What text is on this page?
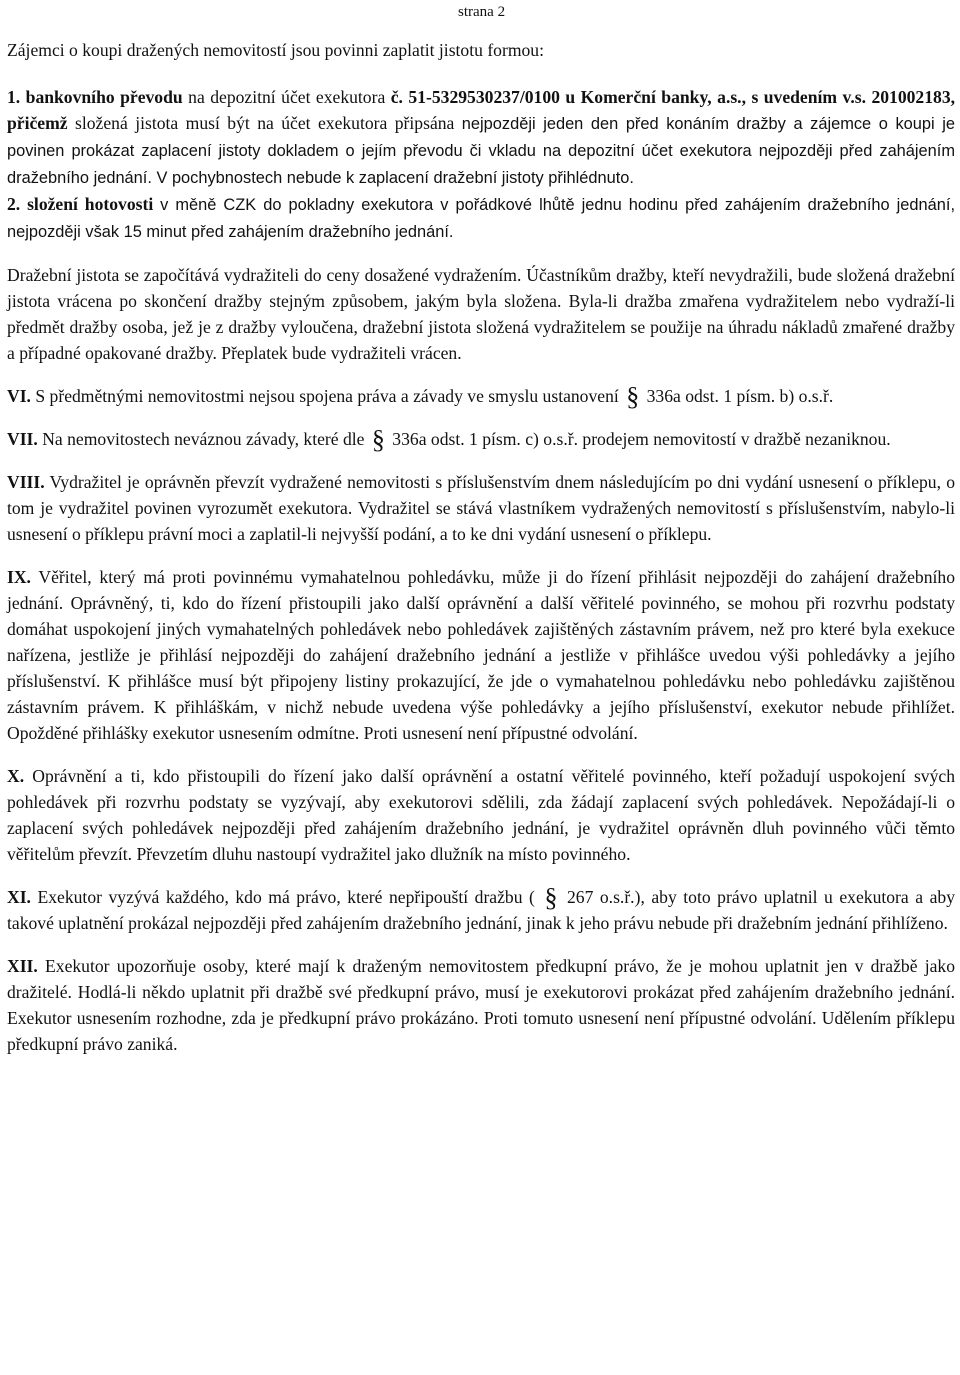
strana 2

Zájemci o koupi dražených nemovitostí jsou povinni zaplatit jistotu formou:

1. bankovního převodu na depozitní účet exekutora č. 51-5329530237/0100 u Komerční banky, a.s., s uvedením v.s. 201002183, přičemž složená jistota musí být na účet exekutora připsána nejpozději jeden den před konáním dražby a zájemce o koupi je povinen prokázat zaplacení jistoty dokladem o jejím převodu či vkladu na depozitní účet exekutora nejpozději před zahájením dražebního jednání. V pochybnostech nebude k zaplacení dražební jistoty přihlédnuto.

2. složení hotovosti v měně CZK do pokladny exekutora v pořádkové lhůtě jednu hodinu před zahájením dražebního jednání, nejpozději však 15 minut před zahájením dražebního jednání.

Dražební jistota se započítává vydražiteli do ceny dosažené vydražením. Účastníkům dražby, kteří nevydražili, bude složená dražební jistota vrácena po skončení dražby stejným způsobem, jakým byla složena. Byla-li dražba zmařena vydražitelem nebo vydraží-li předmět dražby osoba, jež je z dražby vyloučena, dražební jistota složená vydražitelem se použije na úhradu nákladů zmařené dražby a případné opakované dražby. Přeplatek bude vydražiteli vrácen.

VI. S předmětnými nemovitostmi nejsou spojena práva a závady ve smyslu ustanovení § 336a odst. 1 písm. b) o.s.ř.

VII. Na nemovitostech neváznou závady, které dle § 336a odst. 1 písm. c) o.s.ř. prodejem nemovitostí v dražbě nezaniknou.

VIII. Vydražitel je oprávněn převzít vydražené nemovitosti s příslušenstvím dnem následujícím po dni vydání usnesení o příklepu, o tom je vydražitel povinen vyrozumět exekutora. Vydražitel se stává vlastníkem vydražených nemovitostí s příslušenstvím, nabylo-li usnesení o příklepu právní moci a zaplatil-li nejvyšší podání, a to ke dni vydání usnesení o příklepu.

IX. Věřitel, který má proti povinnému vymahatelnou pohledávku, může ji do řízení přihlásit nejpozději do zahájení dražebního jednání. Oprávněný, ti, kdo do řízení přistoupili jako další oprávnění a další věřitelé povinného, se mohou při rozvrhu podstaty domáhat uspokojení jiných vymahatelných pohledávek nebo pohledávek zajištěných zástavním právem, než pro které byla exekuce nařízena, jestliže je přihlásí nejpozději do zahájení dražebního jednání a jestliže v přihlášce uvedou výši pohledávky a jejího příslušenství. K přihlášce musí být připojeny listiny prokazující, že jde o vymahatelnou pohledávku nebo pohledávku zajištěnou zástavním právem. K přihláškám, v nichž nebude uvedena výše pohledávky a jejího příslušenství, exekutor nebude přihlížet. Opožděné přihlášky exekutor usnesením odmítne. Proti usnesení není přípustné odvolání.

X. Oprávnění a ti, kdo přistoupili do řízení jako další oprávnění a ostatní věřitelé povinného, kteří požadují uspokojení svých pohledávek při rozvrhu podstaty se vyzývají, aby exekutorovi sdělili, zda žádají zaplacení svých pohledávek. Nepožádají-li o zaplacení svých pohledávek nejpozději před zahájením dražebního jednání, je vydražitel oprávněn dluh povinného vůči těmto věřitelům převzít. Převzetím dluhu nastoupí vydražitel jako dlužník na místo povinného.

XI. Exekutor vyzývá každého, kdo má právo, které nepřipouští dražbu ( § 267 o.s.ř.), aby toto právo uplatnil u exekutora a aby takové uplatnění prokázal nejpozději před zahájením dražebního jednání, jinak k jeho právu nebude při dražebním jednání přihlíženo.

XII. Exekutor upozorňuje osoby, které mají k draženým nemovitostem předkupní právo, že je mohou uplatnit jen v dražbě jako dražitelé. Hodlá-li někdo uplatnit při dražbě své předkupní právo, musí je exekutorovi prokázat před zahájením dražebního jednání. Exekutor usnesením rozhodne, zda je předkupní právo prokázáno. Proti tomuto usnesení není přípustné odvolání. Udělením příklepu předkupní právo zaniká.
